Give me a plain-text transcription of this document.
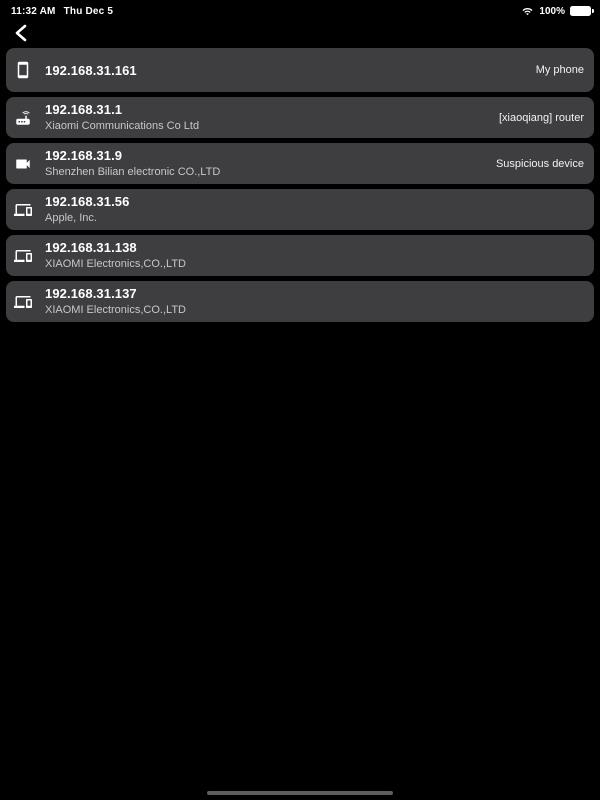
11:32 AM Thu Dec 5	100%
192.168.31.161	My phone
192.168.31.1
Xiaomi Communications Co Ltd
[xiaoqiang] router
192.168.31.9
Shenzhen Bilian electronic CO.,LTD
Suspicious device
192.168.31.56
Apple, Inc.
192.168.31.138
XIAOMI Electronics,CO.,LTD
192.168.31.137
XIAOMI Electronics,CO.,LTD
